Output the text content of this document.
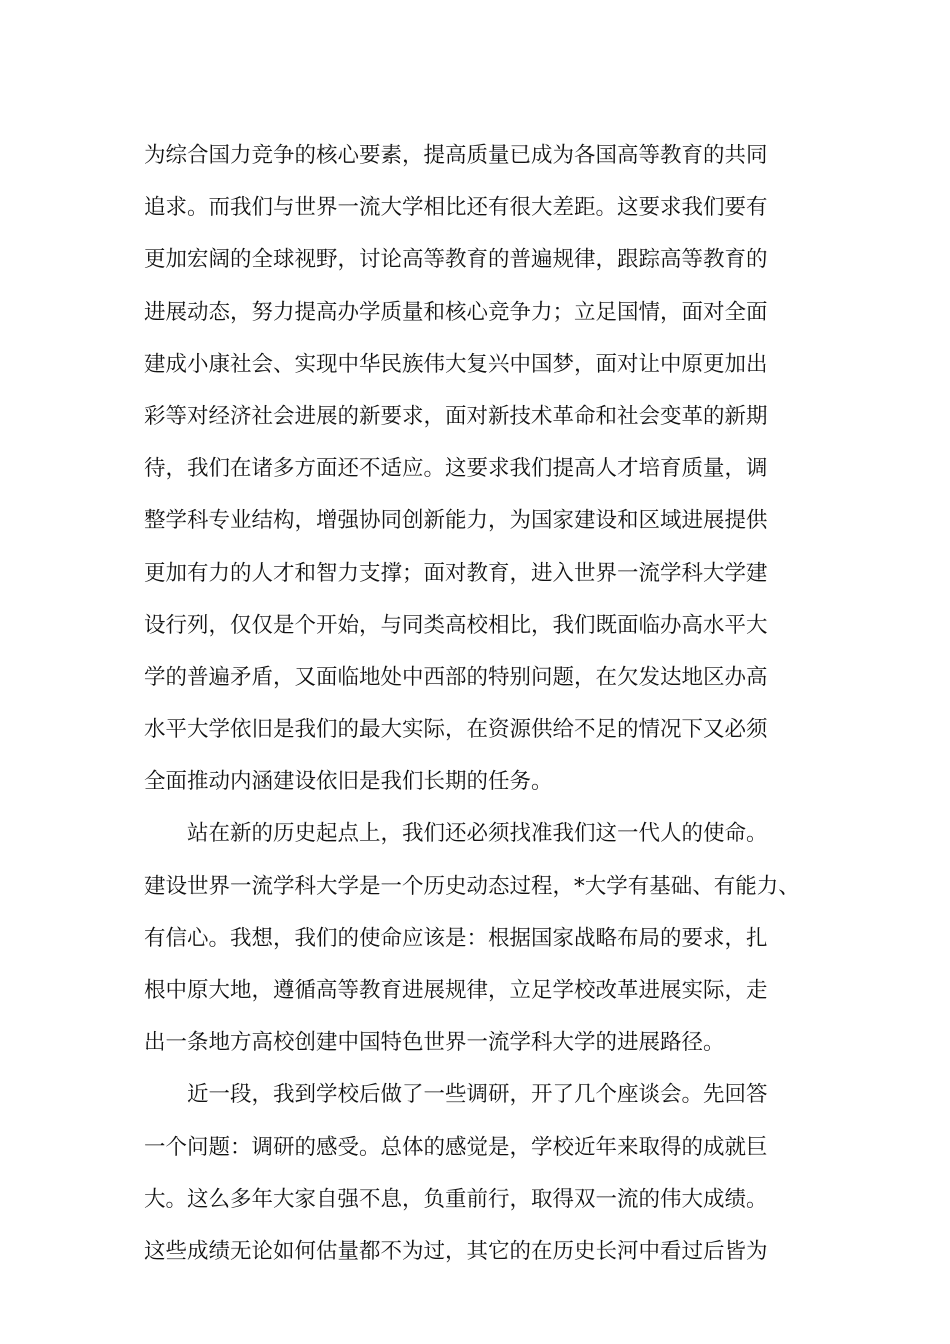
为综合国力竞争的核心要素，提高质量已成为各国高等教育的共同
追求。而我们与世界一流大学相比还有很大差距。这要求我们要有
更加宏阔的全球视野，讨论高等教育的普遍规律，跟踪高等教育的
进展动态，努力提高办学质量和核心竞争力；立足国情，面对全面
建成小康社会、实现中华民族伟大复兴中国梦，面对让中原更加出
彩等对经济社会进展的新要求，面对新技术革命和社会变革的新期
待，我们在诸多方面还不适应。这要求我们提高人才培育质量，调
整学科专业结构，增强协同创新能力，为国家建设和区域进展提供
更加有力的人才和智力支撑；面对教育，进入世界一流学科大学建
设行列，仅仅是个开始，与同类高校相比，我们既面临办高水平大
学的普遍矛盾，又面临地处中西部的特别问题，在欠发达地区办高
水平大学依旧是我们的最大实际，在资源供给不足的情况下又必须
全面推动内涵建设依旧是我们长期的任务。
站在新的历史起点上，我们还必须找准我们这一代人的使命。
建设世界一流学科大学是一个历史动态过程，*大学有基础、有能力、
有信心。我想，我们的使命应该是：根据国家战略布局的要求，扎
根中原大地，遵循高等教育进展规律，立足学校改革进展实际，走
出一条地方高校创建中国特色世界一流学科大学的进展路径。
近一段，我到学校后做了一些调研，开了几个座谈会。先回答
一个问题：调研的感受。总体的感觉是，学校近年来取得的成就巨
大。这么多年大家自强不息，负重前行，取得双一流的伟大成绩。
这些成绩无论如何估量都不为过，其它的在历史长河中看过后皆为
